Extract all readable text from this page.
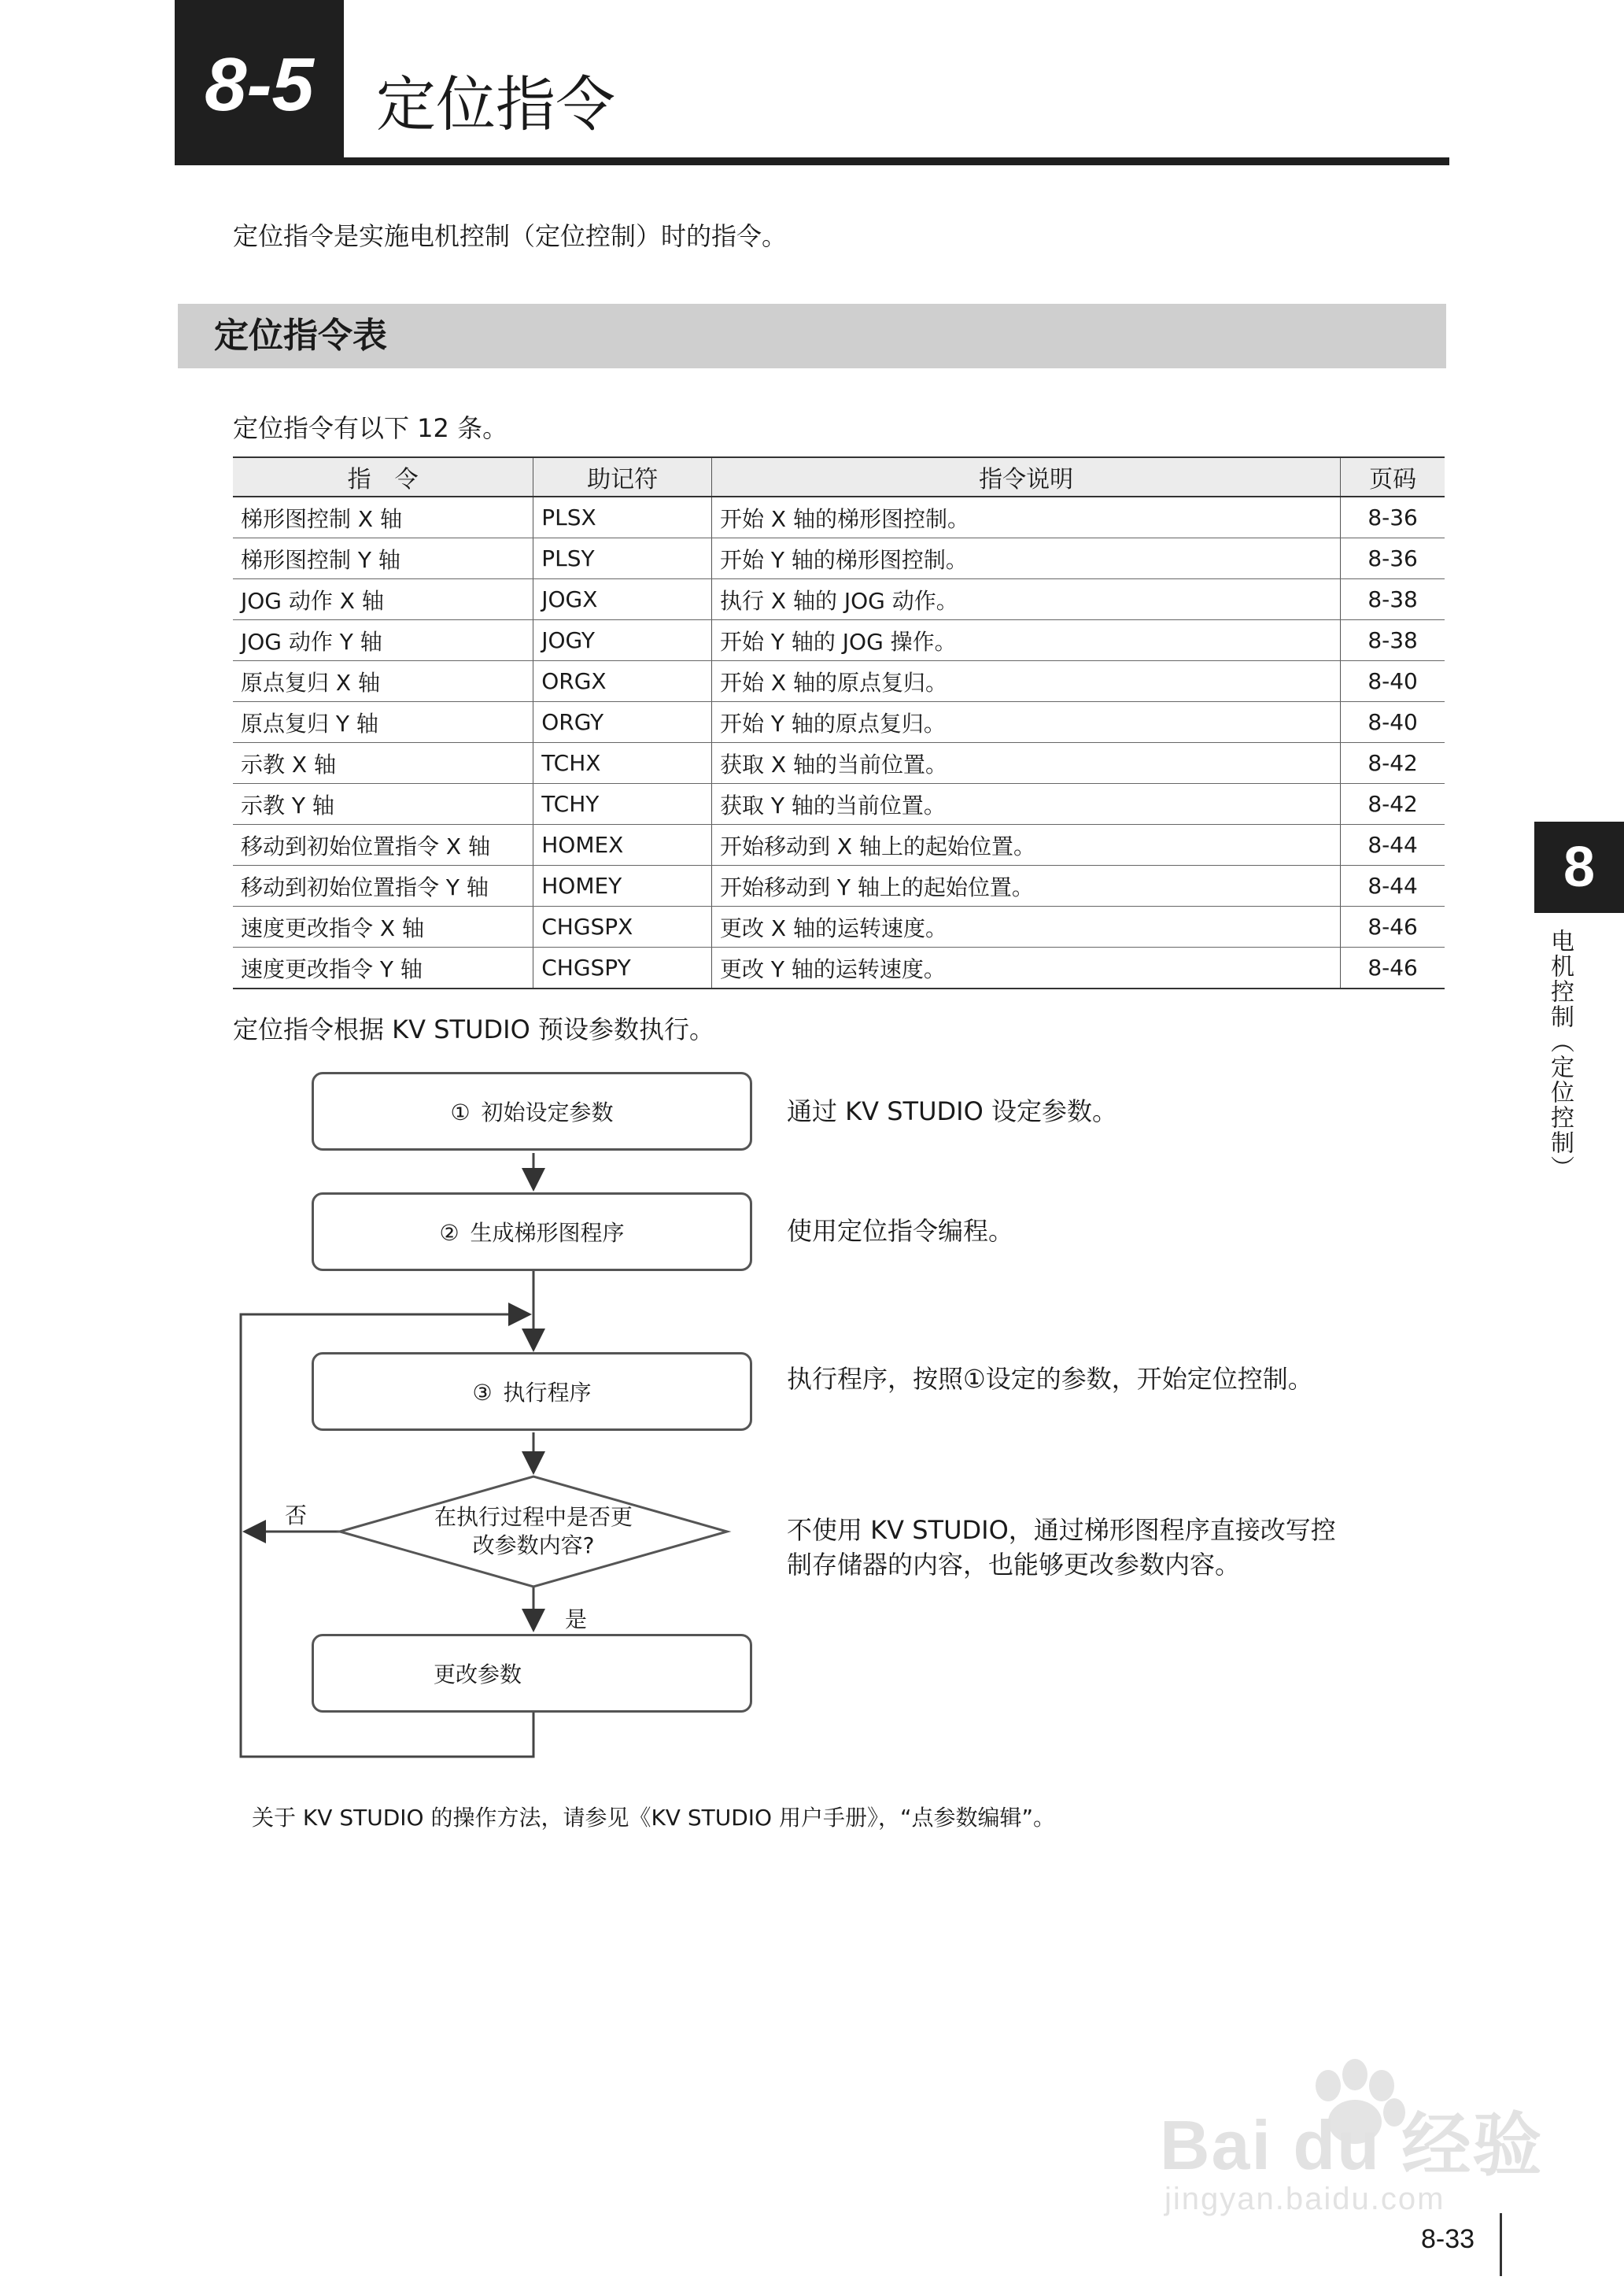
8-5	定位指令
定位指令是实施电机控制（定位控制）时的指令。
定位指令表
定位指令有以下 12 条。
指　令	助记符	指令说明	页码
梯形图控制 X 轴	PLSX	开始 X 轴的梯形图控制。	8-36
梯形图控制 Y 轴	PLSY	开始 Y 轴的梯形图控制。	8-36
JOG 动作 X 轴	JOGX	执行 X 轴的 JOG 动作。	8-38
JOG 动作 Y 轴	JOGY	开始 Y 轴的 JOG 操作。	8-38
原点复归 X 轴	ORGX	开始 X 轴的原点复归。	8-40
原点复归 Y 轴	ORGY	开始 Y 轴的原点复归。	8-40
示教 X 轴	TCHX	获取 X 轴的当前位置。	8-42
示教 Y 轴	TCHY	获取 Y 轴的当前位置。	8-42
移动到初始位置指令 X 轴	HOMEX	开始移动到 X 轴上的起始位置。	8-44
移动到初始位置指令 Y 轴	HOMEY	开始移动到 Y 轴上的起始位置。	8-44
速度更改指令 X 轴	CHGSPX	更改 X 轴的运转速度。	8-46
速度更改指令 Y 轴	CHGSPY	更改 Y 轴的运转速度。	8-46
定位指令根据 KV STUDIO 预设参数执行。
① 初始设定参数	通过 KV STUDIO 设定参数。
② 生成梯形图程序	使用定位指令编程。
③ 执行程序	执行程序，按照①设定的参数，开始定位控制。
在执行过程中是否更
改参数内容?
否
是
不使用 KV STUDIO，通过梯形图程序直接改写控
制存储器的内容，也能够更改参数内容。
更改参数
关于 KV STUDIO 的操作方法，请参见《KV STUDIO 用户手册》，“点参数编辑”。
8
电机控制（定位控制）
Bai du 经验
jingyan.baidu.com
8-33
